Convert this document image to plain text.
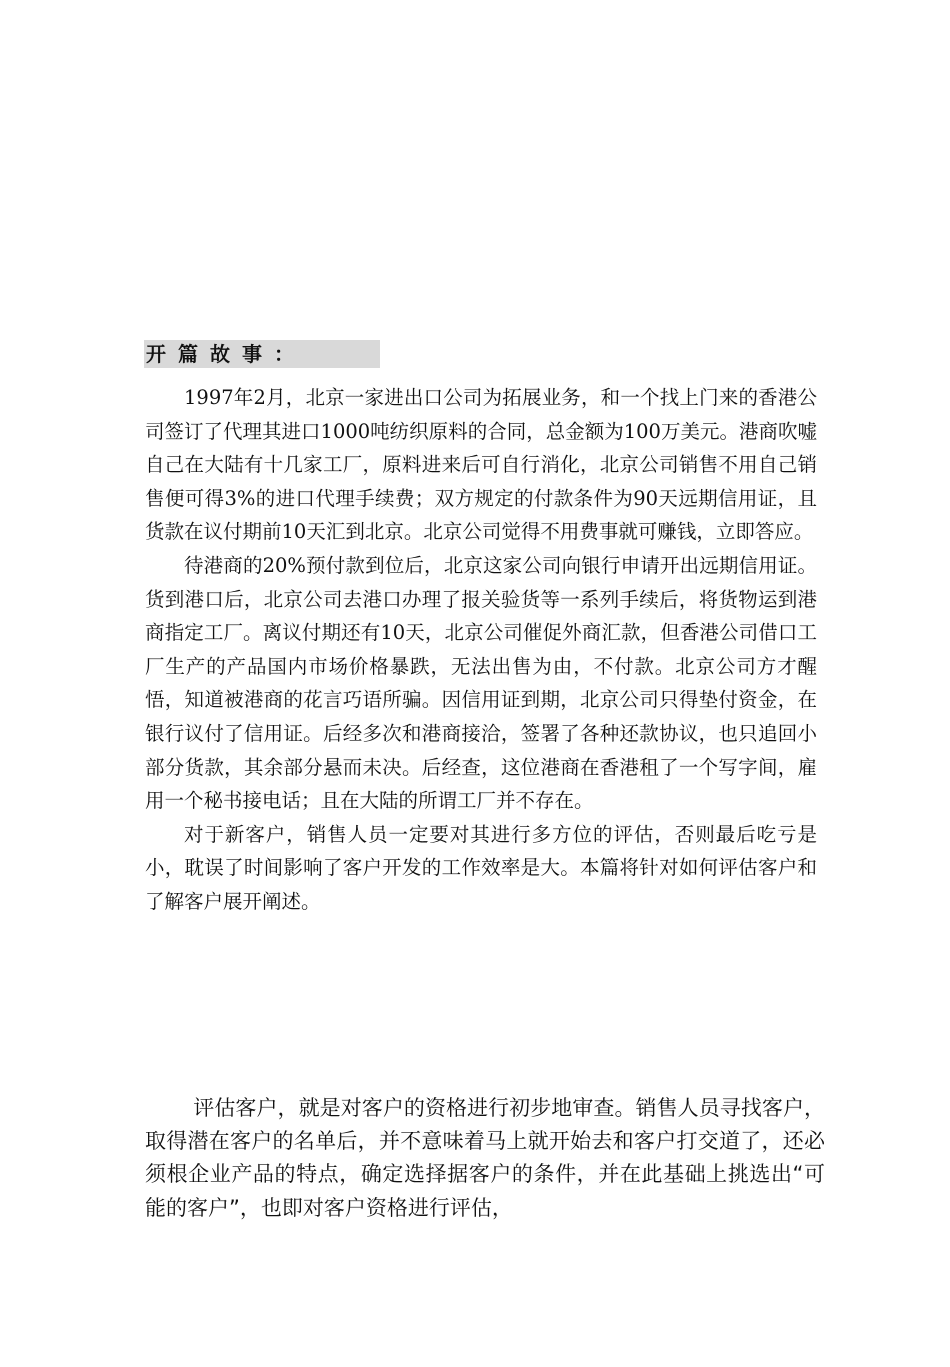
开篇故事：

1997年2月，北京一家进出口公司为拓展业务，和一个找上门来的香港公司签订了代理其进口1000吨纺织原料的合同，总金额为100万美元。港商吹嘘自己在大陆有十几家工厂，原料进来后可自行消化，北京公司销售不用自己销售便可得3%的进口代理手续费；双方规定的付款条件为90天远期信用证，且货款在议付期前10天汇到北京。北京公司觉得不用费事就可赚钱，立即答应。

待港商的20%预付款到位后，北京这家公司向银行申请开出远期信用证。货到港口后，北京公司去港口办理了报关验货等一系列手续后，将货物运到港商指定工厂。离议付期还有10天，北京公司催促外商汇款，但香港公司借口工厂生产的产品国内市场价格暴跌，无法出售为由，不付款。北京公司方才醒悟，知道被港商的花言巧语所骗。因信用证到期，北京公司只得垫付资金，在银行议付了信用证。后经多次和港商接洽，签署了各种还款协议，也只追回小部分货款，其余部分悬而未决。后经查，这位港商在香港租了一个写字间，雇用一个秘书接电话；且在大陆的所谓工厂并不存在。

对于新客户，销售人员一定要对其进行多方位的评估，否则最后吃亏是小，耽误了时间影响了客户开发的工作效率是大。本篇将针对如何评估客户和了解客户展开阐述。

评估客户，就是对客户的资格进行初步地审查。销售人员寻找客户，取得潜在客户的名单后，并不意味着马上就开始去和客户打交道了，还必须根企业产品的特点，确定选择据客户的条件，并在此基础上挑选出“可能的客户”，也即对客户资格进行评估，
